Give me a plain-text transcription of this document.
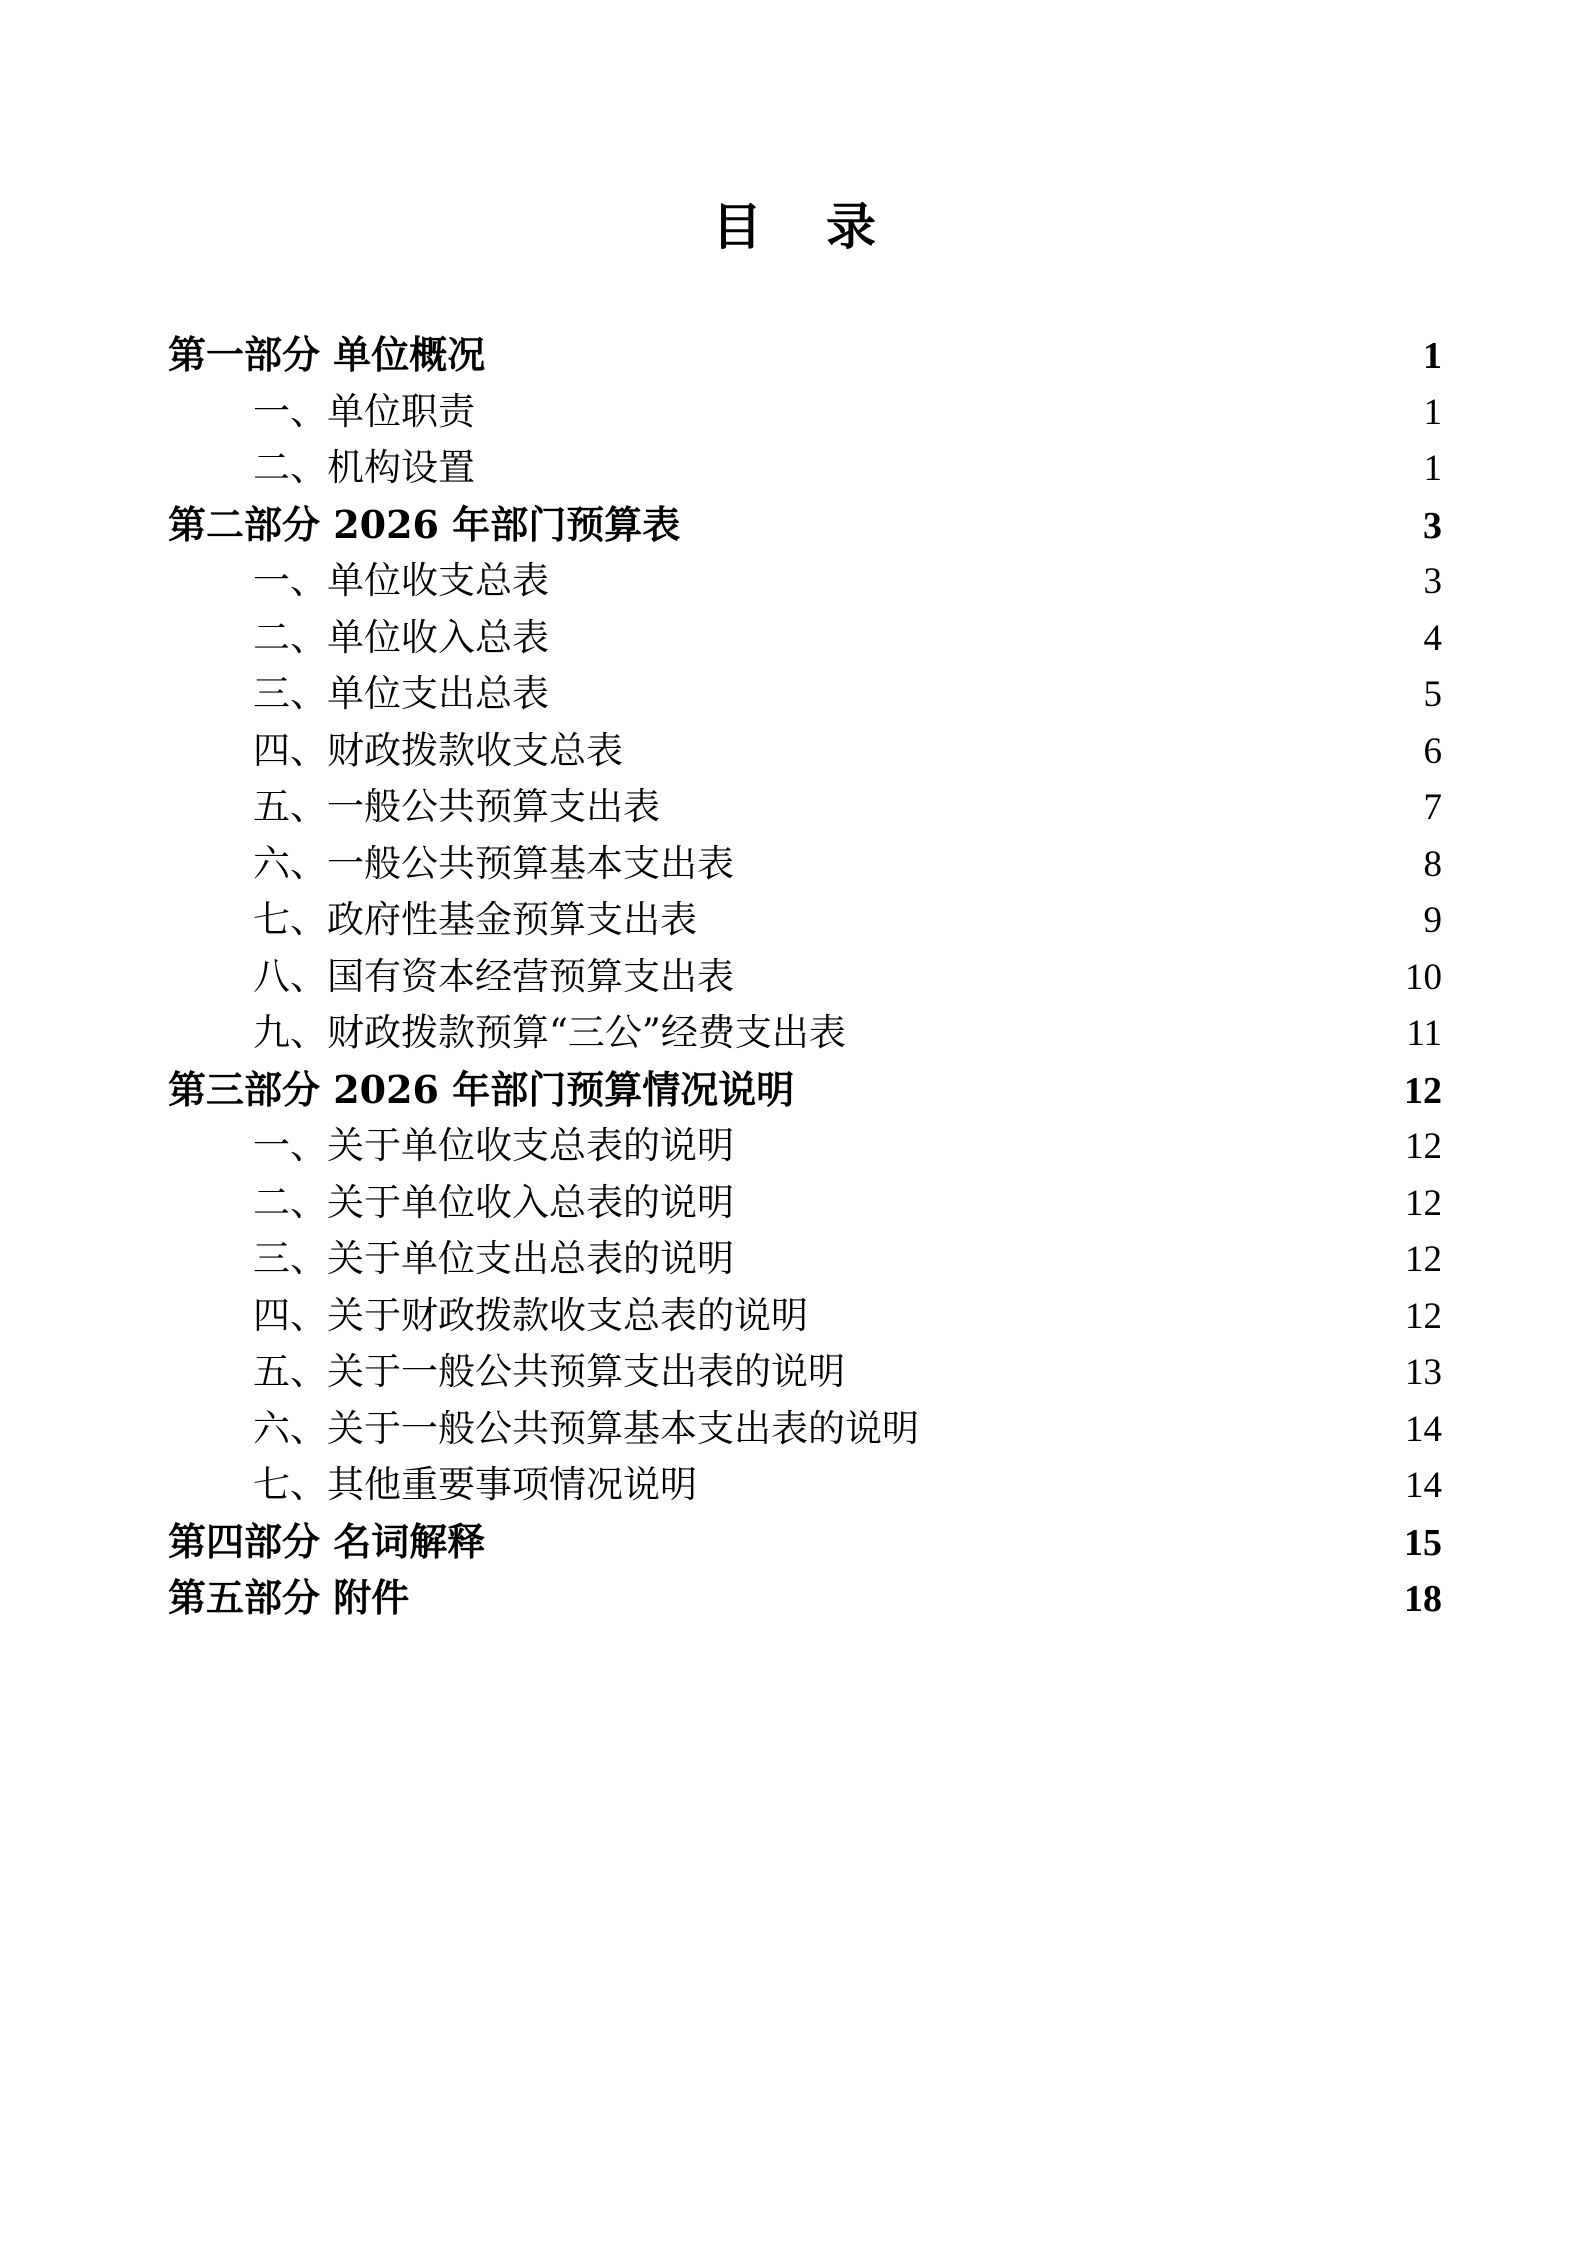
目 录
第一部分 单位概况	1
一、单位职责	1
二、机构设置	1
第二部分 2026 年部门预算表	3
一、单位收支总表	3
二、单位收入总表	4
三、单位支出总表	5
四、财政拨款收支总表	6
五、一般公共预算支出表	7
六、一般公共预算基本支出表	8
七、政府性基金预算支出表	9
八、国有资本经营预算支出表	10
九、财政拨款预算“三公”经费支出表	11
第三部分 2026 年部门预算情况说明	12
一、关于单位收支总表的说明	12
二、关于单位收入总表的说明	12
三、关于单位支出总表的说明	12
四、关于财政拨款收支总表的说明	12
五、关于一般公共预算支出表的说明	13
六、关于一般公共预算基本支出表的说明	14
七、其他重要事项情况说明	14
第四部分 名词解释	15
第五部分 附件	18
